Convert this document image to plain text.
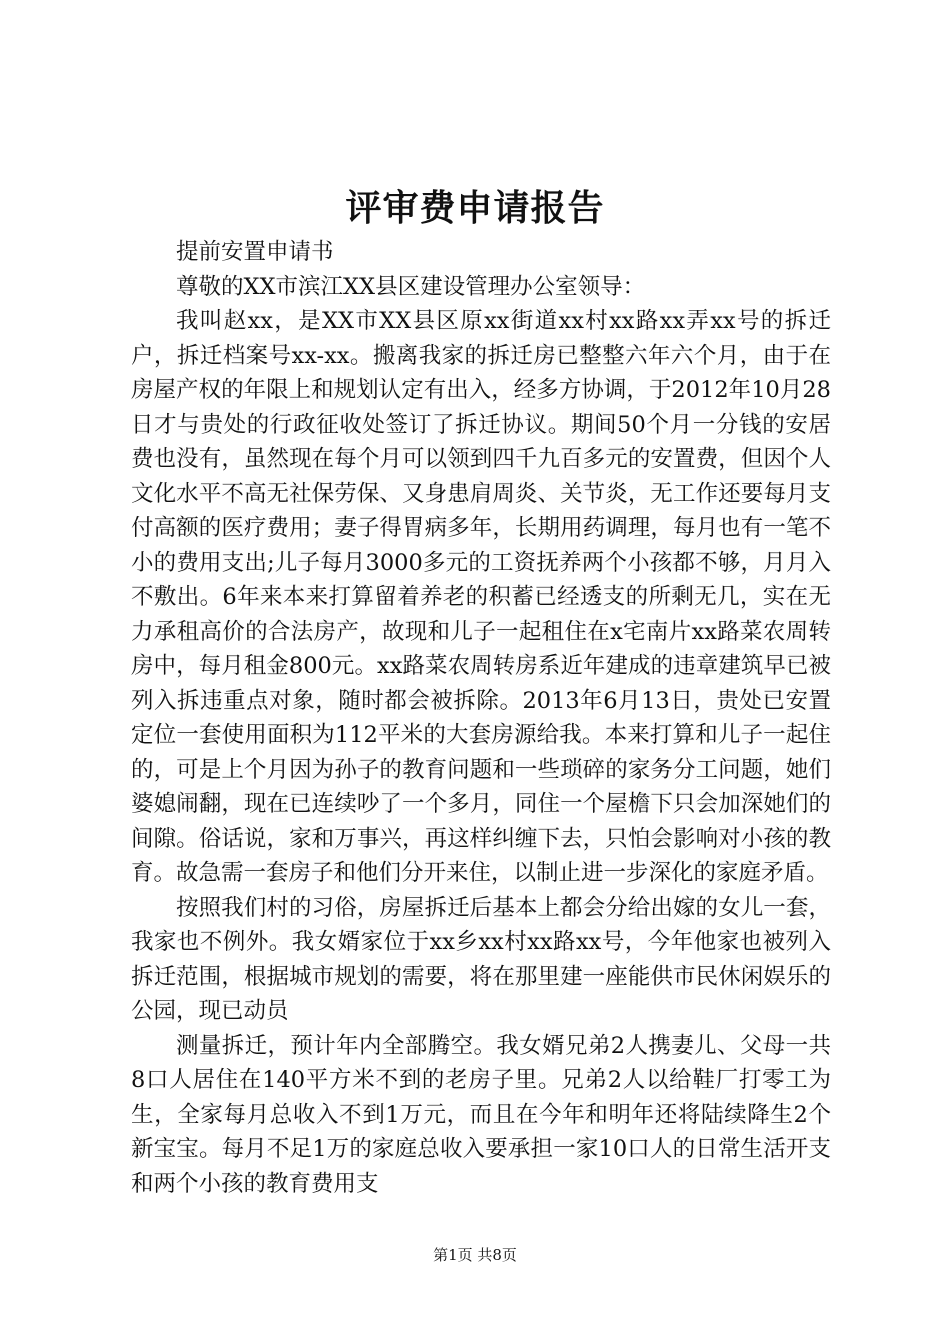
评审费申请报告

提前安置申请书

尊敬的XX市滨江XX县区建设管理办公室领导：

我叫赵xx，是XX市XX县区原xx街道xx村xx路xx弄xx号的拆迁户，拆迁档案号xx-xx。搬离我家的拆迁房已整整六年六个月，由于在房屋产权的年限上和规划认定有出入，经多方协调，于2012年10月28日才与贵处的行政征收处签订了拆迁协议。期间50个月一分钱的安居费也没有，虽然现在每个月可以领到四千九百多元的安置费，但因个人文化水平不高无社保劳保、又身患肩周炎、关节炎，无工作还要每月支付高额的医疗费用；妻子得胃病多年，长期用药调理，每月也有一笔不小的费用支出;儿子每月3000多元的工资抚养两个小孩都不够，月月入不敷出。6年来本来打算留着养老的积蓄已经透支的所剩无几，实在无力承租高价的合法房产，故现和儿子一起租住在x宅南片xx路菜农周转房中，每月租金800元。xx路菜农周转房系近年建成的违章建筑早已被列入拆违重点对象，随时都会被拆除。2013年6月13日，贵处已安置定位一套使用面积为112平米的大套房源给我。本来打算和儿子一起住的，可是上个月因为孙子的教育问题和一些琐碎的家务分工问题，她们婆媳闹翻，现在已连续吵了一个多月，同住一个屋檐下只会加深她们的间隙。俗话说，家和万事兴，再这样纠缠下去，只怕会影响对小孩的教育。故急需一套房子和他们分开来住，以制止进一步深化的家庭矛盾。

按照我们村的习俗，房屋拆迁后基本上都会分给出嫁的女儿一套，我家也不例外。我女婿家位于xx乡xx村xx路xx号，今年他家也被列入拆迁范围，根据城市规划的需要，将在那里建一座能供市民休闲娱乐的公园，现已动员

测量拆迁，预计年内全部腾空。我女婿兄弟2人携妻儿、父母一共8口人居住在140平方米不到的老房子里。兄弟2人以给鞋厂打零工为生，全家每月总收入不到1万元，而且在今年和明年还将陆续降生2个新宝宝。每月不足1万的家庭总收入要承担一家10口人的日常生活开支和两个小孩的教育费用支

第1页 共8页
